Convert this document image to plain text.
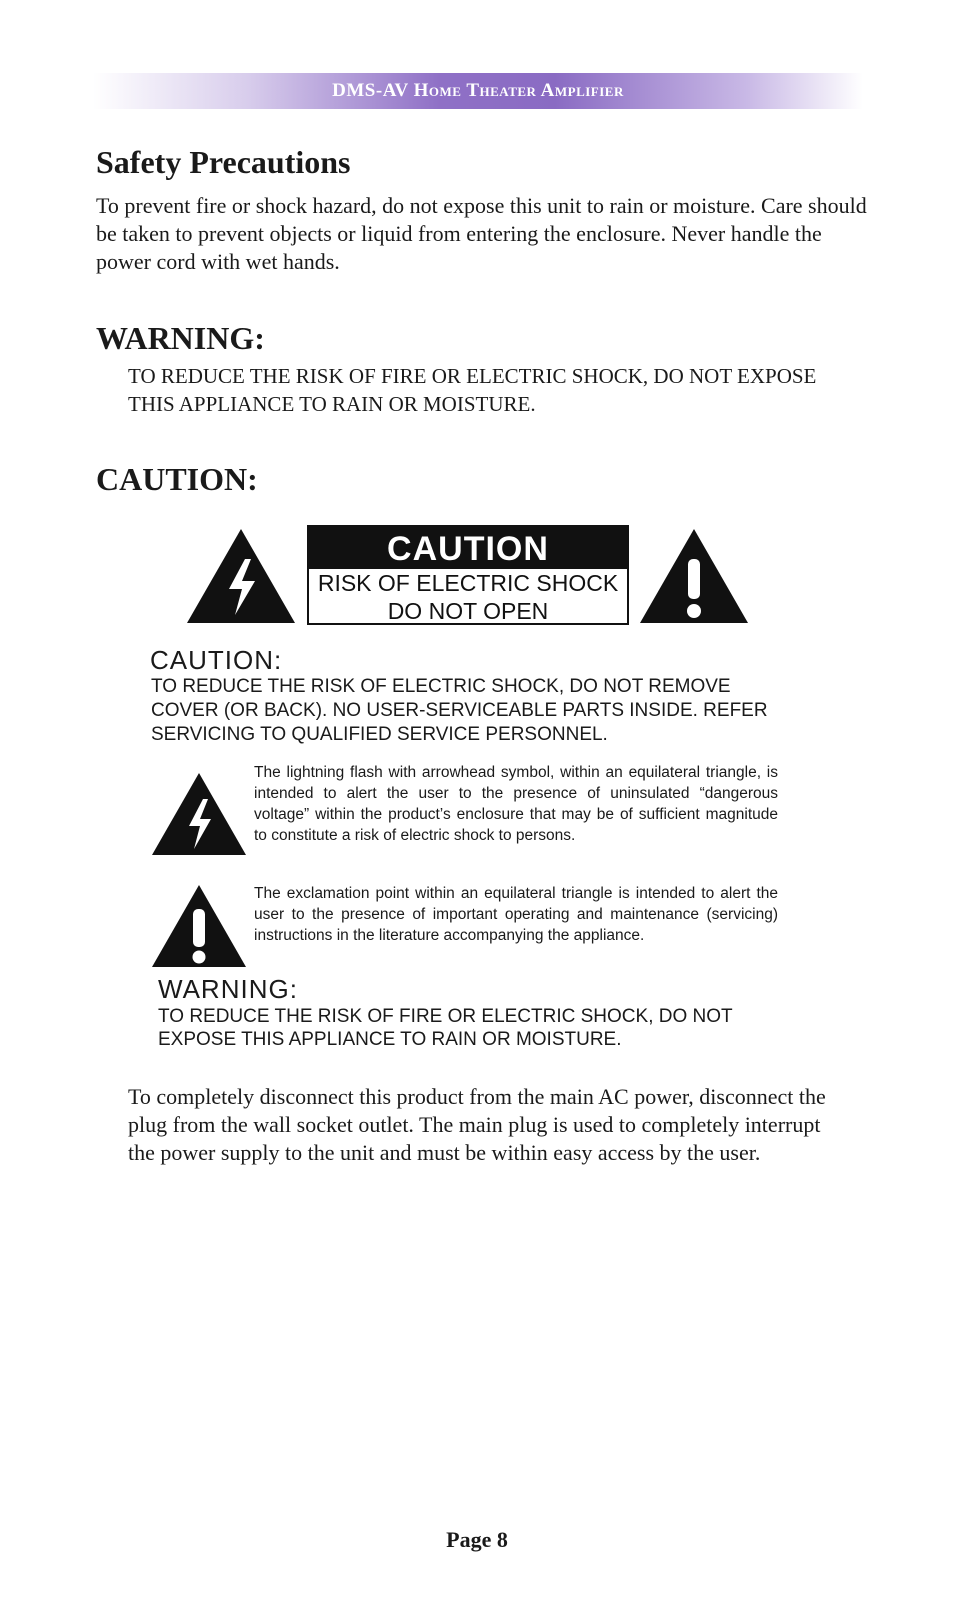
DMS-AV Home Theater Amplifier
Safety Precautions

To prevent fire or shock hazard, do not expose this unit to rain or moisture. Care should be taken to prevent objects or liquid from entering the enclosure. Never handle the power cord with wet hands.

WARNING:

TO REDUCE THE RISK OF FIRE OR ELECTRIC SHOCK, DO NOT EXPOSE THIS APPLIANCE TO RAIN OR MOISTURE.

CAUTION:
CAUTION
RISK OF ELECTRIC SHOCK
DO NOT OPEN
CAUTION:

TO REDUCE THE RISK OF ELECTRIC SHOCK, DO NOT REMOVE COVER (OR BACK). NO USER-SERVICEABLE PARTS INSIDE. REFER SERVICING TO QUALIFIED SERVICE PERSONNEL.

The lightning flash with arrowhead symbol, within an equilateral triangle, is intended to alert the user to the presence of uninsulated “dangerous voltage” within the product’s enclosure that may be of sufficient magnitude to constitute a risk of electric shock to persons.

The exclamation point within an equilateral triangle is intended to alert the user to the presence of important operating and maintenance (servicing) instructions in the literature accompanying the appliance.

WARNING:

TO REDUCE THE RISK OF FIRE OR ELECTRIC SHOCK, DO NOT EXPOSE THIS APPLIANCE TO RAIN OR MOISTURE.

To completely disconnect this product from the main AC power, disconnect the plug from the wall socket outlet. The main plug is used to completely interrupt the power supply to the unit and must be within easy access by the user.

Page 8
